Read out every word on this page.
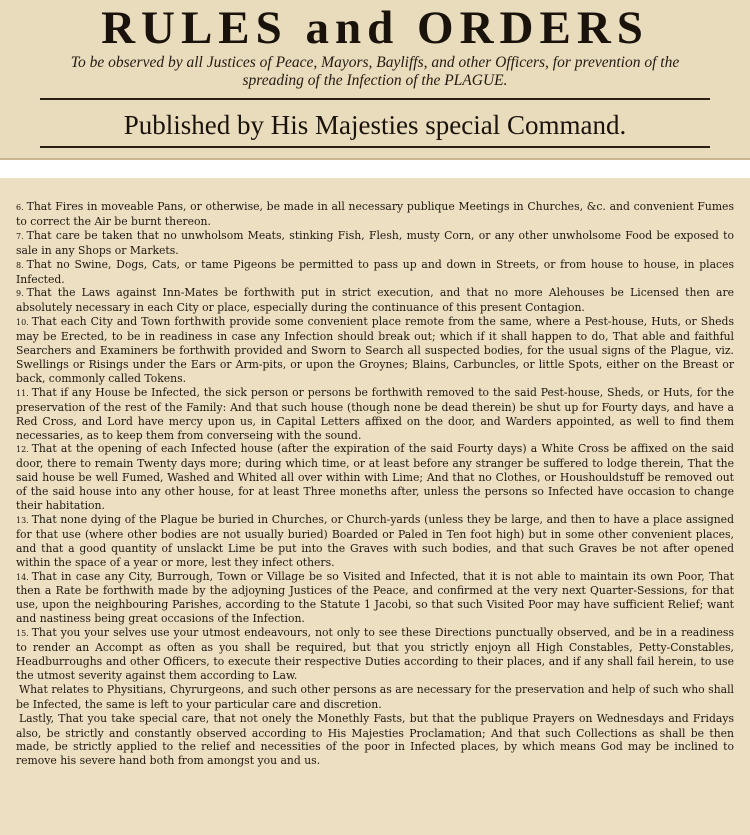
RULES and ORDERS
To be observed by all Justices of Peace, Mayors, Bayliffs, and other Officers, for prevention of the spreading of the Infection of the PLAGUE.
Published by His Majesties special Command.

6. That Fires in moveable Pans, or otherwise, be made in all necessary publique Meetings in Churches, &c. and convenient Fumes to correct the Air be burnt thereon.

7. That care be taken that no unwholsom Meats, stinking Fish, Flesh, musty Corn, or any other unwholsome Food be exposed to sale in any Shops or Markets.

8. That no Swine, Dogs, Cats, or tame Pigeons be permitted to pass up and down in Streets, or from house to house, in places Infected.

9. That the Laws against Inn-Mates be forthwith put in strict execution, and that no more Alehouses be Licensed then are absolutely necessary in each City or place, especially during the continuance of this present Contagion.

10. That each City and Town forthwith provide some convenient place remote from the same, where a Pest-house, Huts, or Sheds may be Erected, to be in readiness in case any Infection should break out; which if it shall happen to do, That able and faithful Searchers and Examiners be forthwith provided and Sworn to Search all suspected bodies, for the usual signs of the Plague, viz. Swellings or Risings under the Ears or Arm-pits, or upon the Groynes; Blains, Carbuncles, or little Spots, either on the Breast or back, commonly called Tokens.

11. That if any House be Infected, the sick person or persons be forthwith removed to the said Pest-house, Sheds, or Huts, for the preservation of the rest of the Family: And that such house (though none be dead therein) be shut up for Fourty days, and have a Red Cross, and Lord have mercy upon us, in Capital Letters affixed on the door, and Warders appointed, as well to find them necessaries, as to keep them from converseing with the sound.

12. That at the opening of each Infected house (after the expiration of the said Fourty days) a White Cross be affixed on the said door, there to remain Twenty days more; during which time, or at least before any stranger be suffered to lodge therein, That the said house be well Fumed, Washed and Whited all over within with Lime; And that no Clothes, or Houshouldstuff be removed out of the said house into any other house, for at least Three moneths after, unless the persons so Infected have occasion to change their habitation.

13. That none dying of the Plague be buried in Churches, or Church-yards (unless they be large, and then to have a place assigned for that use (where other bodies are not usually buried) Boarded or Paled in Ten foot high) but in some other convenient places, and that a good quantity of unslackt Lime be put into the Graves with such bodies, and that such Graves be not after opened within the space of a year or more, lest they infect others.

14. That in case any City, Burrough, Town or Village be so Visited and Infected, that it is not able to maintain its own Poor, That then a Rate be forthwith made by the adjoyning Justices of the Peace, and confirmed at the very next Quarter-Sessions, for that use, upon the neighbouring Parishes, according to the Statute 1 Jacobi, so that such Visited Poor may have sufficient Relief; want and nastiness being great occasions of the Infection.

15. That you your selves use your utmost endeavours, not only to see these Directions punctually observed, and be in a readiness to render an Accompt as often as you shall be required, but that you strictly enjoyn all High Constables, Petty-Constables, Headburroughs and other Officers, to execute their respective Duties according to their places, and if any shall fail herein, to use the utmost severity against them according to Law.

What relates to Physitians, Chyrurgeons, and such other persons as are necessary for the preservation and help of such who shall be Infected, the same is left to your particular care and discretion.

Lastly, That you take special care, that not onely the Monethly Fasts, but that the publique Prayers on Wednesdays and Fridays also, be strictly and constantly observed according to His Majesties Proclamation; And that such Collections as shall be then made, be strictly applied to the relief and necessities of the poor in Infected places, by which means God may be inclined to remove his severe hand both from amongst you and us.
